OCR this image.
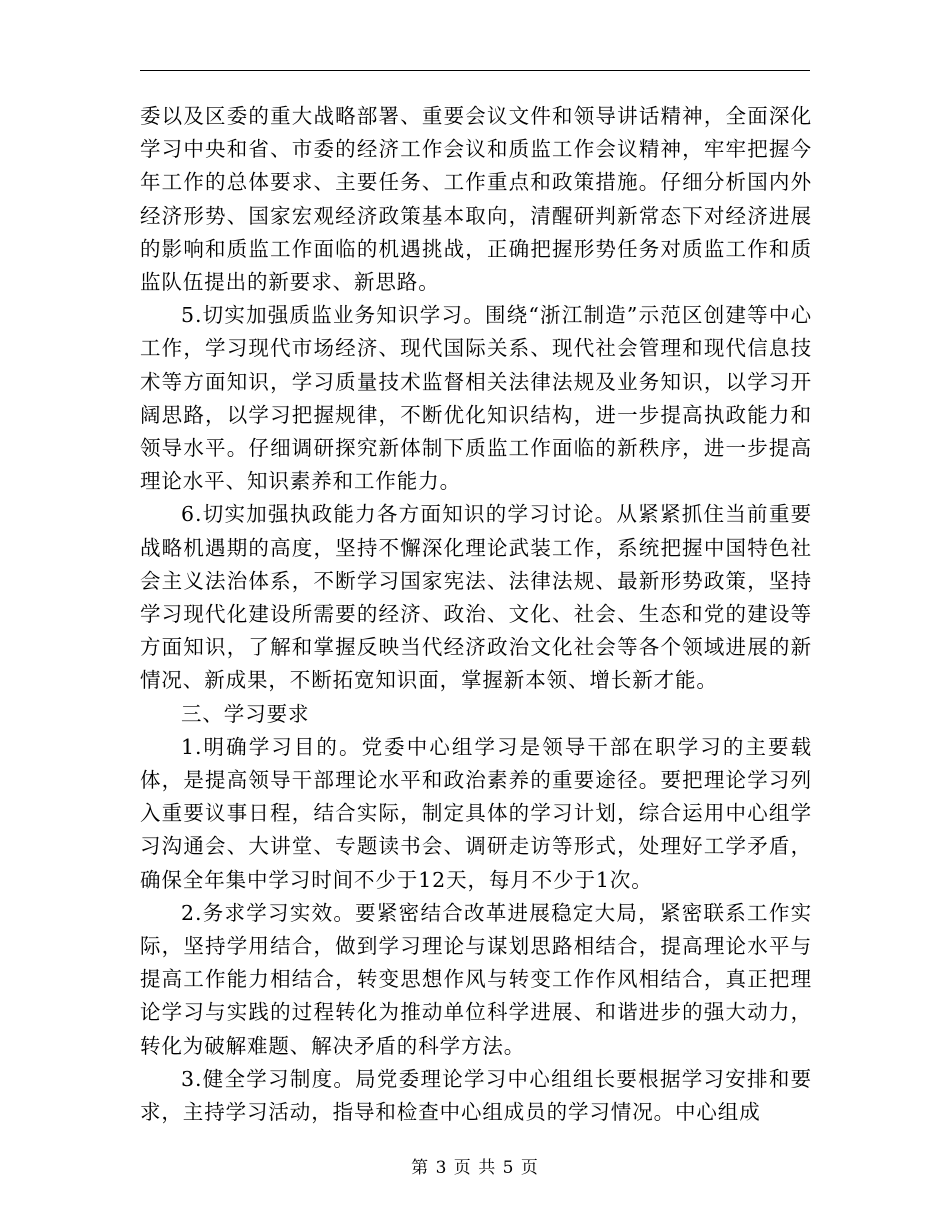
委以及区委的重大战略部署、重要会议文件和领导讲话精神，全面深化学习中央和省、市委的经济工作会议和质监工作会议精神，牢牢把握今年工作的总体要求、主要任务、工作重点和政策措施。仔细分析国内外经济形势、国家宏观经济政策基本取向，清醒研判新常态下对经济进展的影响和质监工作面临的机遇挑战，正确把握形势任务对质监工作和质监队伍提出的新要求、新思路。

5.切实加强质监业务知识学习。围绕“浙江制造”示范区创建等中心工作，学习现代市场经济、现代国际关系、现代社会管理和现代信息技术等方面知识，学习质量技术监督相关法律法规及业务知识，以学习开阔思路，以学习把握规律，不断优化知识结构，进一步提高执政能力和领导水平。仔细调研探究新体制下质监工作面临的新秩序，进一步提高理论水平、知识素养和工作能力。

6.切实加强执政能力各方面知识的学习讨论。从紧紧抓住当前重要战略机遇期的高度，坚持不懈深化理论武装工作，系统把握中国特色社会主义法治体系，不断学习国家宪法、法律法规、最新形势政策，坚持学习现代化建设所需要的经济、政治、文化、社会、生态和党的建设等方面知识，了解和掌握反映当代经济政治文化社会等各个领域进展的新情况、新成果，不断拓宽知识面，掌握新本领、增长新才能。

三、学习要求

1.明确学习目的。党委中心组学习是领导干部在职学习的主要载体，是提高领导干部理论水平和政治素养的重要途径。要把理论学习列入重要议事日程，结合实际，制定具体的学习计划，综合运用中心组学习沟通会、大讲堂、专题读书会、调研走访等形式，处理好工学矛盾，确保全年集中学习时间不少于12天，每月不少于1次。

2.务求学习实效。要紧密结合改革进展稳定大局，紧密联系工作实际，坚持学用结合，做到学习理论与谋划思路相结合，提高理论水平与提高工作能力相结合，转变思想作风与转变工作作风相结合，真正把理论学习与实践的过程转化为推动单位科学进展、和谐进步的强大动力，转化为破解难题、解决矛盾的科学方法。

3.健全学习制度。局党委理论学习中心组组长要根据学习安排和要求，主持学习活动，指导和检查中心组成员的学习情况。中心组成

第 3 页 共 5 页
